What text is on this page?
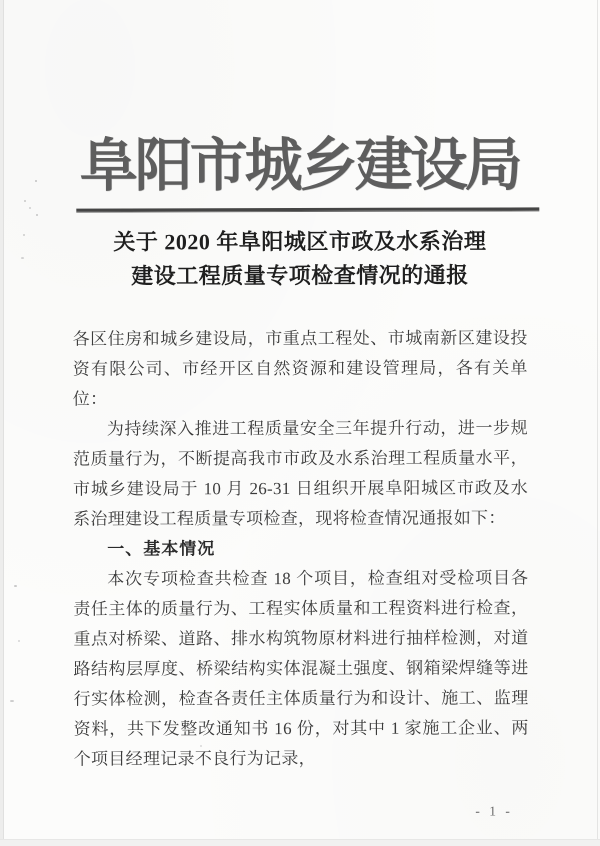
阜阳市城乡建设局
关于 2020 年阜阳城区市政及水系治理
建设工程质量专项检查情况的通报

各区住房和城乡建设局，市重点工程处、市城南新区建设投资有限公司、市经开区自然资源和建设管理局，各有关单位：

为持续深入推进工程质量安全三年提升行动，进一步规范质量行为，不断提高我市市政及水系治理工程质量水平，市城乡建设局于 10 月 26-31 日组织开展阜阳城区市政及水系治理建设工程质量专项检查，现将检查情况通报如下：

一、基本情况

本次专项检查共检查 18 个项目，检查组对受检项目各责任主体的质量行为、工程实体质量和工程资料进行检查，重点对桥梁、道路、排水构筑物原材料进行抽样检测，对道路结构层厚度、桥梁结构实体混凝土强度、钢箱梁焊缝等进行实体检测，检查各责任主体质量行为和设计、施工、监理资料，共下发整改通知书 16 份，对其中 1 家施工企业、两个项目经理记录不良行为记录，

- 1 -
